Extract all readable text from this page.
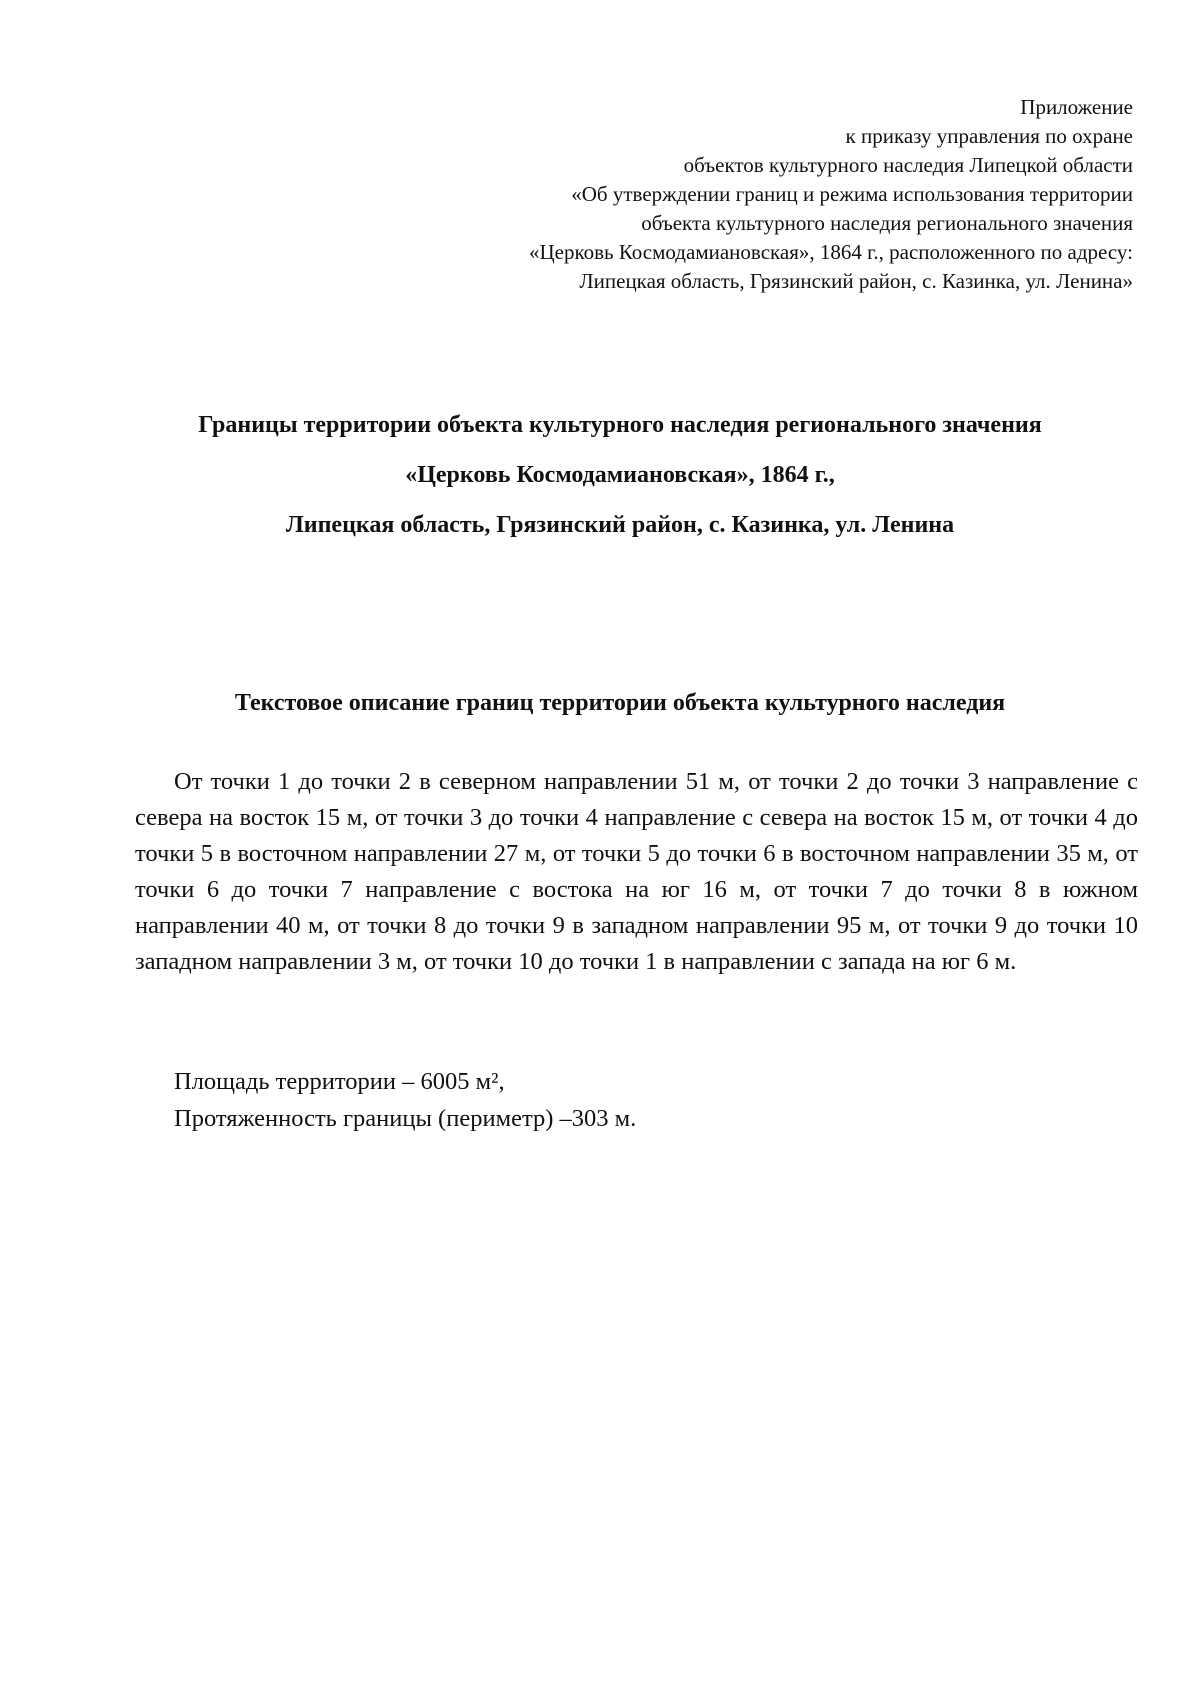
Приложение
к приказу управления по охране
объектов культурного наследия Липецкой области
«Об утверждении границ и режима использования территории
объекта культурного наследия регионального значения
«Церковь Космодамиановская», 1864 г., расположенного по адресу:
Липецкая область, Грязинский район, с. Казинка, ул. Ленина»
Границы территории объекта культурного наследия регионального значения
«Церковь Космодамиановская», 1864 г.,
Липецкая область, Грязинский район, с. Казинка, ул. Ленина
Текстовое описание границ территории объекта культурного наследия

От точки 1 до точки 2 в северном направлении 51 м, от точки 2 до точки 3 направление с севера на восток 15 м, от точки 3 до точки 4 направление с севера на восток 15 м, от точки 4 до точки 5 в восточном направлении 27 м, от точки 5 до точки 6 в восточном направлении 35 м, от точки 6 до точки 7 направление с востока на юг 16 м, от точки 7 до точки 8 в южном направлении 40 м, от точки 8 до точки 9 в западном направлении 95 м, от точки 9 до точки 10 западном направлении 3 м, от точки 10 до точки 1 в направлении с запада на юг 6 м.

Площадь территории – 6005 м²,
Протяженность границы (периметр) –303 м.
